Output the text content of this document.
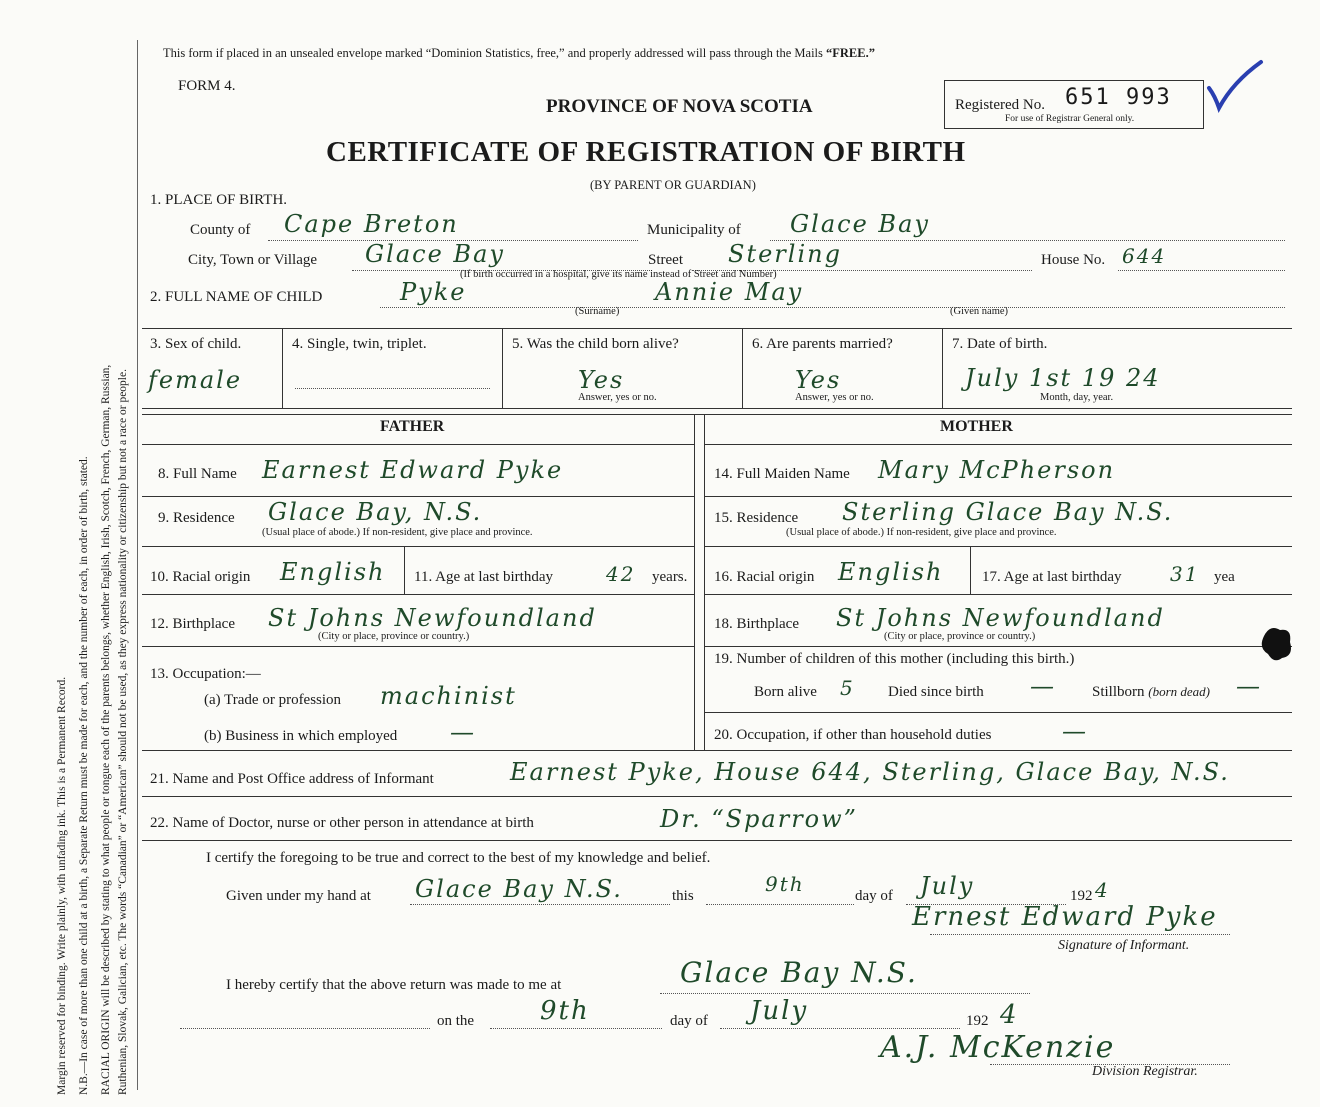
Margin reserved for binding. Write plainly, with unfading ink. This is a Permanent Record. N.B.—In case of more than one child at a birth, a Separate Return must be made for each, and the number of each, in order of birth, stated. RACIAL ORIGIN will be described by stating to what people or tongue each of the parents belongs, whether English, Irish, Scotch, French, German, Russian, Ruthenian, Slovak, Galician, etc. The words “Canadian” or “American” should not be used, as they express nationality or citizenship but not a race or people.
This form if placed in an unsealed envelope marked “Dominion Statistics, free,” and properly addressed will pass through the Mails “FREE.”
FORM 4.
PROVINCE OF NOVA SCOTIA	Registered No. 651 993
For use of Registrar General only.
CERTIFICATE OF REGISTRATION OF BIRTH
(BY PARENT OR GUARDIAN)
1. PLACE OF BIRTH.
County of Cape Breton	Municipality of Glace Bay
City, Town or Village Glace Bay	Street Sterling	House No. 644
(If birth occurred in a hospital, give its name instead of Street and Number)
2. FULL NAME OF CHILD	Pyke	Annie May
(Surname)	(Given name)
3. Sex of child.
female
4. Single, twin, triplet.	5. Was the child born alive?
Yes
Answer, yes or no.
6. Are parents married?
Yes
Answer, yes or no.
7. Date of birth.
July 1st 19 24
Month, day, year.
FATHER	MOTHER
8. Full Name Earnest Edward Pyke
9. Residence Glace Bay, N.S.
(Usual place of abode.) If non-resident, give place and province.
10. Racial origin English 11. Age at last birthday	42 years.
12. Birthplace St Johns Newfoundland
(City or place, province or country.)
13. Occupation:—
(a) Trade or profession machinist
(b) Business in which employed —
14. Full Maiden Name Mary McPherson
15. Residence Sterling Glace Bay N.S.
(Usual place of abode.) If non-resident, give place and province.
16. Racial origin English	17. Age at last birthday 31 yea
18. Birthplace St Johns Newfoundland
(City or place, province or country.)
19. Number of children of this mother (including this birth.)
Born alive 5 Died since birth — Stillborn (born dead) —
20. Occupation, if other than household duties	—
21. Name and Post Office address of Informant	Earnest Pyke, House 644, Sterling, Glace Bay, N.S.
22. Name of Doctor, nurse or other person in attendance at birth	Dr. “Sparrow”
I certify the foregoing to be true and correct to the best of my knowledge and belief.
Given under my hand at Glace Bay N.S.	this	9th	day of July	192 4
Ernest Edward Pyke
Signature of Informant.
I hereby certify that the above return was made to me at	Glace Bay N.S.
on the	9th	day of July	192 4
A.J. McKenzie
Division Registrar.
